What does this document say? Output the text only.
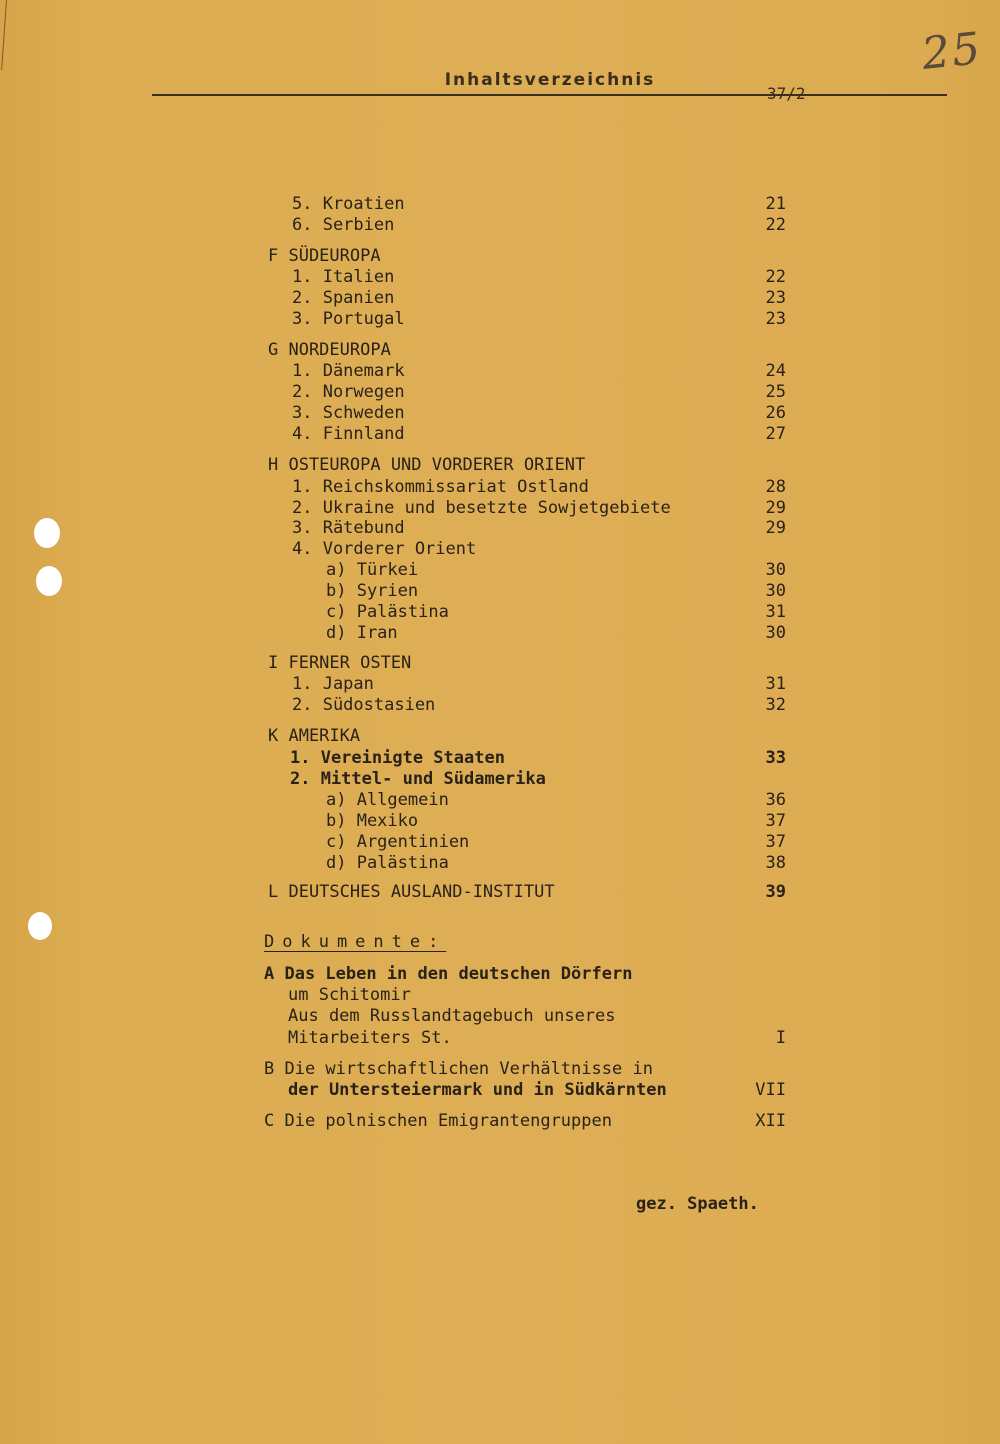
25
Inhaltsverzeichnis
5. Kroatien	21
6. Serbien	22
F SÜDEUROPA
1. Italien	22
2. Spanien	23
3. Portugal	23
G NORDEUROPA
1. Dänemark	24
2. Norwegen	25
3. Schweden	26
4. Finnland	27
H OSTEUROPA UND VORDERER ORIENT
1. Reichskommissariat Ostland	28
2. Ukraine und besetzte Sowjetgebiete	29
3. Rätebund	29
4. Vorderer Orient
a) Türkei	30
b) Syrien	30
c) Palästina	31
d) Iran	30
I FERNER OSTEN
1. Japan	31
2. Südostasien	32
K AMERIKA
1. Vereinigte Staaten	33
2. Mittel- und Südamerika
a) Allgemein	36
b) Mexiko	37
c) Argentinien	37
d) Palästina	38
L DEUTSCHES AUSLAND-INSTITUT	39
Dokumente:
A Das Leben in den deutschen Dörfern
um Schitomir
Aus dem Russlandtagebuch unseres
Mitarbeiters St.	I
B Die wirtschaftlichen Verhältnisse in
der Untersteiermark und in Südkärnten	VII
C Die polnischen Emigrantengruppen	XII
gez. Spaeth.
